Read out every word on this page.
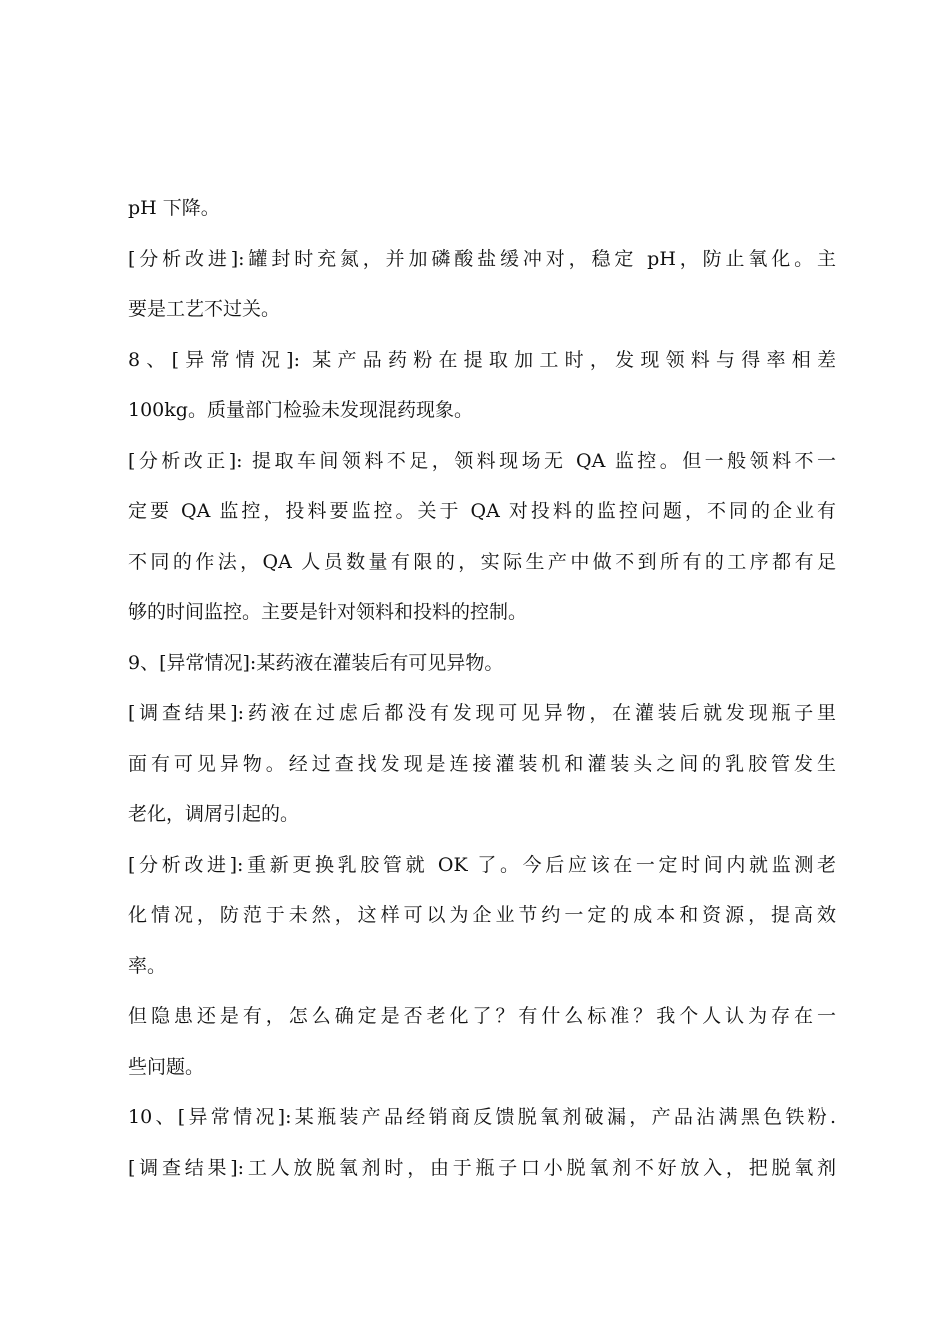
pH 下降。
[分析改进]:罐封时充氮，并加磷酸盐缓冲对，稳定 pH，防止氧化。主
要是工艺不过关。
8、[异常情况]: 某产品药粉在提取加工时，发现领料与得率相差
100kg。质量部门检验未发现混药现象。
[分析改正]: 提取车间领料不足，领料现场无 QA 监控。但一般领料不一
定要 QA 监控，投料要监控。关于 QA 对投料的监控问题，不同的企业有
不同的作法，QA 人员数量有限的，实际生产中做不到所有的工序都有足
够的时间监控。主要是针对领料和投料的控制。
9、[异常情况]:某药液在灌装后有可见异物。
[调查结果]:药液在过虑后都没有发现可见异物，在灌装后就发现瓶子里
面有可见异物。经过查找发现是连接灌装机和灌装头之间的乳胶管发生
老化，调屑引起的。
[分析改进]:重新更换乳胶管就 OK 了。今后应该在一定时间内就监测老
化情况，防范于未然，这样可以为企业节约一定的成本和资源，提高效
率。
但隐患还是有，怎么确定是否老化了？有什么标准？我个人认为存在一
些问题。
10、[异常情况]:某瓶装产品经销商反馈脱氧剂破漏，产品沾满黑色铁粉.
[调查结果]:工人放脱氧剂时，由于瓶子口小脱氧剂不好放入，把脱氧剂
